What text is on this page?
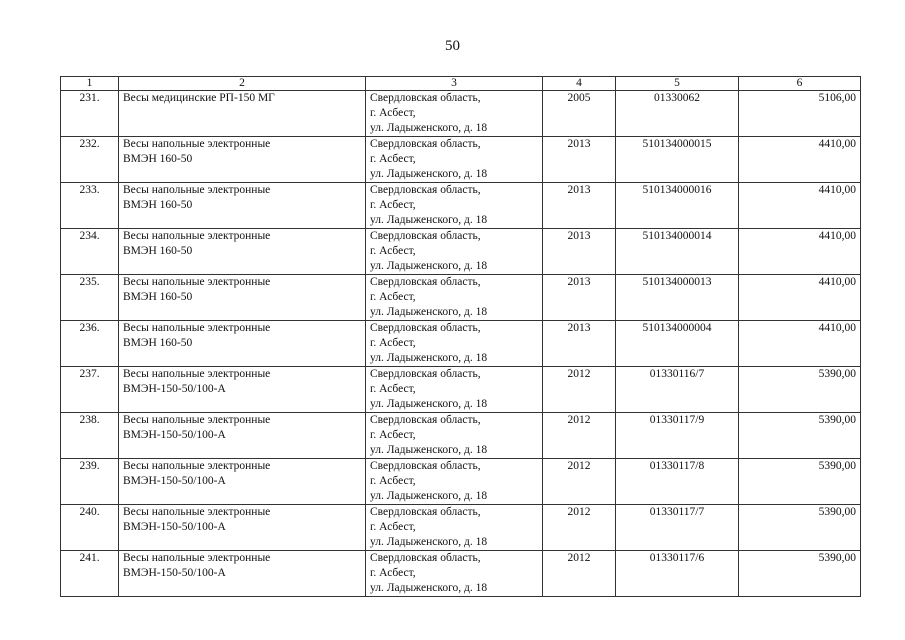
50
1	2	3	4	5	6
231.	Весы медицинские РП-150 МГ	Свердловская область,
г. Асбест,
ул. Ладыженского, д. 18	2005	01330062	5106,00
232.	Весы напольные электронные
ВМЭН 160-50	Свердловская область,
г. Асбест,
ул. Ладыженского, д. 18	2013	510134000015	4410,00
233.	Весы напольные электронные
ВМЭН 160-50	Свердловская область,
г. Асбест,
ул. Ладыженского, д. 18	2013	510134000016	4410,00
234.	Весы напольные электронные
ВМЭН 160-50	Свердловская область,
г. Асбест,
ул. Ладыженского, д. 18	2013	510134000014	4410,00
235.	Весы напольные электронные
ВМЭН 160-50	Свердловская область,
г. Асбест,
ул. Ладыженского, д. 18	2013	510134000013	4410,00
236.	Весы напольные электронные
ВМЭН 160-50	Свердловская область,
г. Асбест,
ул. Ладыженского, д. 18	2013	510134000004	4410,00
237.	Весы напольные электронные
ВМЭН-150-50/100-А	Свердловская область,
г. Асбест,
ул. Ладыженского, д. 18	2012	01330116/7	5390,00
238.	Весы напольные электронные
ВМЭН-150-50/100-А	Свердловская область,
г. Асбест,
ул. Ладыженского, д. 18	2012	01330117/9	5390,00
239.	Весы напольные электронные
ВМЭН-150-50/100-А	Свердловская область,
г. Асбест,
ул. Ладыженского, д. 18	2012	01330117/8	5390,00
240.	Весы напольные электронные
ВМЭН-150-50/100-А	Свердловская область,
г. Асбест,
ул. Ладыженского, д. 18	2012	01330117/7	5390,00
241.	Весы напольные электронные
ВМЭН-150-50/100-А	Свердловская область,
г. Асбест,
ул. Ладыженского, д. 18	2012	01330117/6	5390,00
